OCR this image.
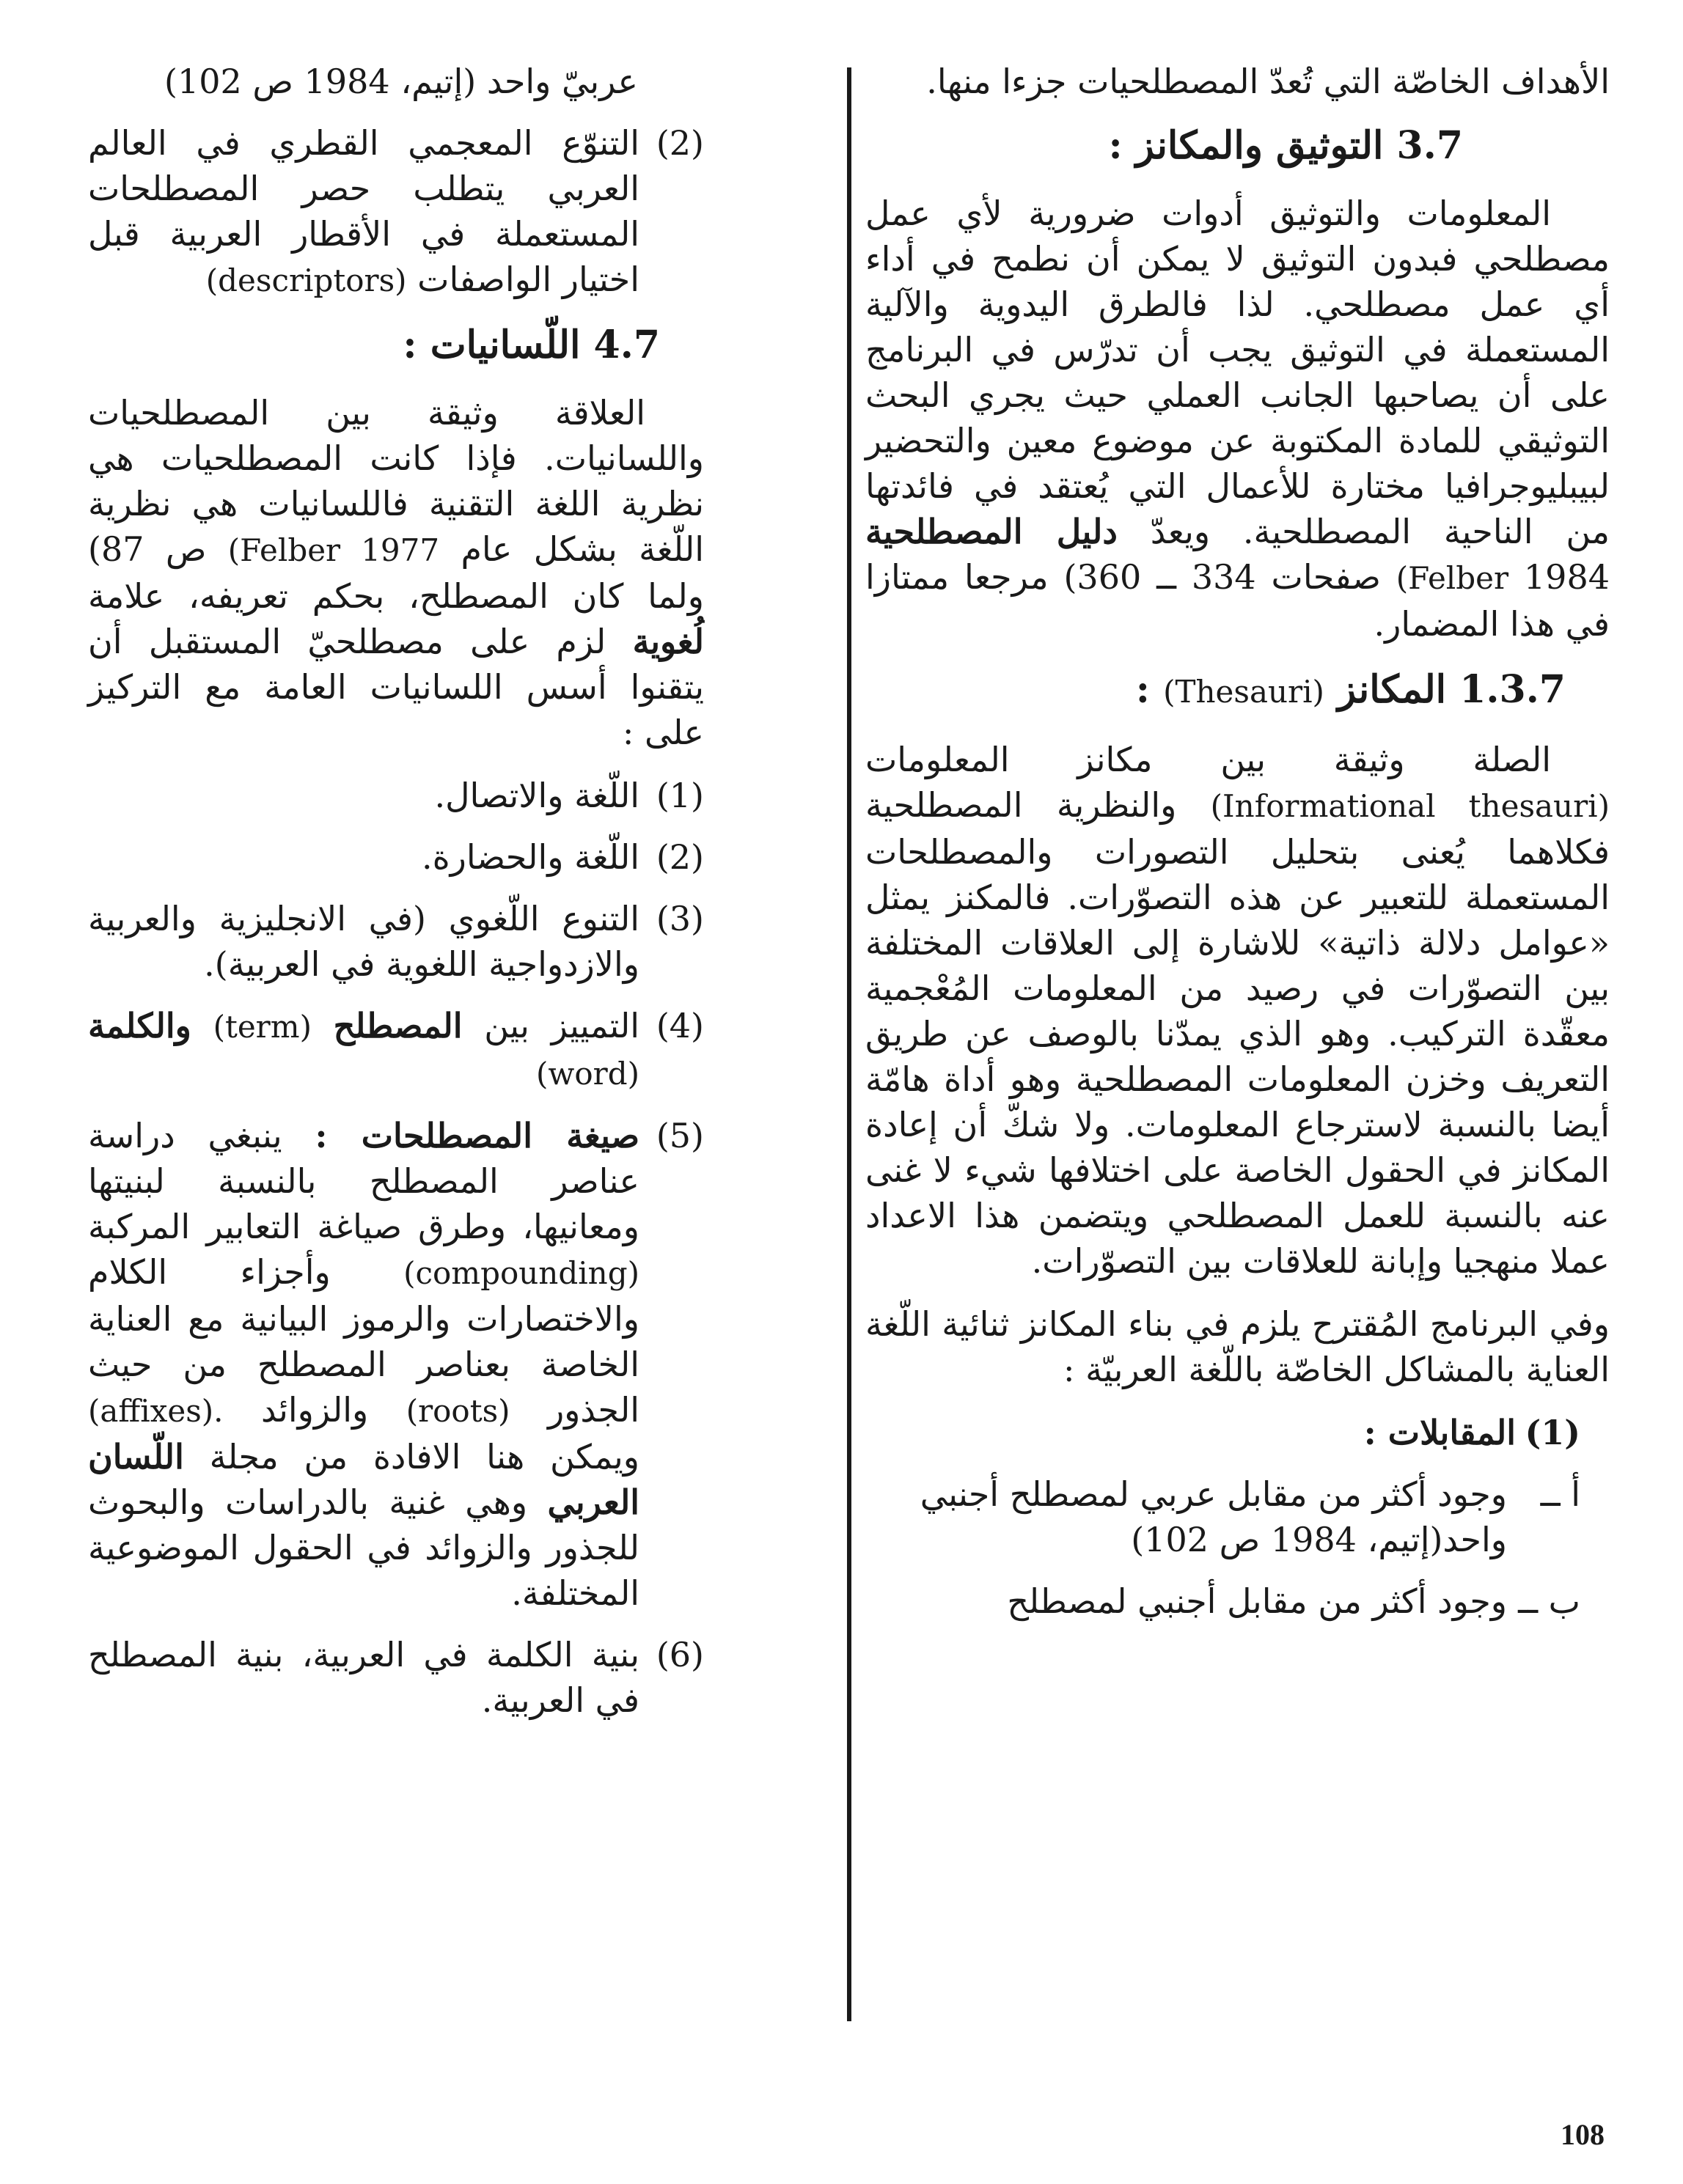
الأهداف الخاصّة التي تُعدّ المصطلحيات جزءا منها.

3.7 التوثيق والمكانز :

المعلومات والتوثيق أدوات ضرورية لأي عمل مصطلحي فبدون التوثيق لا يمكن أن نطمح في أداء أي عمل مصطلحي. لذا فالطرق اليدوية والآلية المستعملة في التوثيق يجب أن تدرّس في البرنامج على أن يصاحبها الجانب العملي حيث يجري البحث التوثيقي للمادة المكتوبة عن موضوع معين والتحضير لبيبليوجرافيا مختارة للأعمال التي يُعتقد في فائدتها من الناحية المصطلحية. ويعدّ دليل المصطلحية (Felber 1984 صفحات 334 ــ 360) مرجعا ممتازا في هذا المضمار.

1.3.7 المكانز (Thesauri) :

الصلة وثيقة بين مكانز المعلومات (Informational thesauri) والنظرية المصطلحية فكلاهما يُعنى بتحليل التصورات والمصطلحات المستعملة للتعبير عن هذه التصوّرات. فالمكنز يمثل «عوامل دلالة ذاتية» للاشارة إلى العلاقات المختلفة بين التصوّرات في رصيد من المعلومات المُعْجمية معقّدة التركيب. وهو الذي يمدّنا بالوصف عن طريق التعريف وخزن المعلومات المصطلحية وهو أداة هامّة أيضا بالنسبة لاسترجاع المعلومات. ولا شكّ أن إعادة المكانز في الحقول الخاصة على اختلافها شيء لا غنى عنه بالنسبة للعمل المصطلحي ويتضمن هذا الاعداد عملا منهجيا وإبانة للعلاقات بين التصوّرات.

وفي البرنامج المُقترح يلزم في بناء المكانز ثنائية اللّغة العناية بالمشاكل الخاصّة باللّغة العربيّة :

(1)
المقابلات :
أ ــ
وجود أكثر من مقابل عربي لمصطلح أجنبي واحد(إتيم، 1984 ص 102)
ب ــ
وجود أكثر من مقابل أجنبي لمصطلح

عربيّ واحد (إتيم، 1984 ص 102)

(2)
التنوّع المعجمي القطري في العالم العربي يتطلب حصر المصطلحات المستعملة في الأقطار العربية قبل اختيار الواصفات (descriptors)

4.7 اللّسانيات :

العلاقة وثيقة بين المصطلحيات واللسانيات. فإذا كانت المصطلحيات هي نظرية اللغة التقنية فاللسانيات هي نظرية اللّغة بشكل عام (Felber 1977 ص 87) ولما كان المصطلح، بحكم تعريفه، علامة لُغوية لزم على مصطلحيّ المستقبل أن يتقنوا أسس اللسانيات العامة مع التركيز على :

(1)
اللّغة والاتصال.
(2)
اللّغة والحضارة.
(3)
التنوع اللّغوي (في الانجليزية والعربية والازدواجية اللغوية في العربية).
(4)
التمييز بين المصطلح (term) والكلمة (word)
(5)
صيغة المصطلحات : ينبغي دراسة عناصر المصطلح بالنسبة لبنيتها ومعانيها، وطرق صياغة التعابير المركبة (compounding) وأجزاء الكلام والاختصارات والرموز البيانية مع العناية الخاصة بعناصر المصطلح من حيث الجذور (roots) والزوائد (affixes). ويمكن هنا الافادة من مجلة اللّسان العربي وهي غنية بالدراسات والبحوث للجذور والزوائد في الحقول الموضوعية المختلفة.
(6)
بنية الكلمة في العربية، بنية المصطلح في العربية.
108
